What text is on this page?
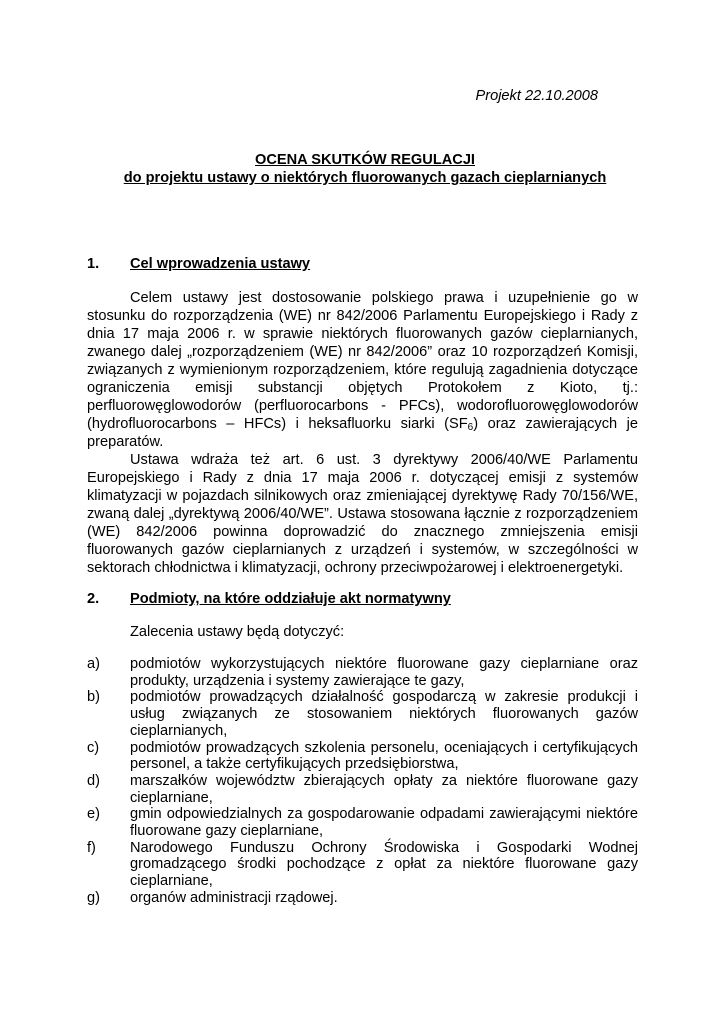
Projekt 22.10.2008
OCENA SKUTKÓW REGULACJI
do projektu ustawy o niektórych fluorowanych gazach cieplarnianych
1. Cel wprowadzenia ustawy

Celem ustawy jest dostosowanie polskiego prawa i uzupełnienie go w stosunku do rozporządzenia (WE) nr 842/2006 Parlamentu Europejskiego i Rady z dnia 17 maja 2006 r. w sprawie niektórych fluorowanych gazów cieplarnianych, zwanego dalej „rozporządzeniem (WE) nr 842/2006” oraz 10 rozporządzeń Komisji, związanych z wymienionym rozporządzeniem, które regulują zagadnienia dotyczące ograniczenia emisji substancji objętych Protokołem z Kioto, tj.: perfluorowęglowodorów (perfluorocarbons - PFCs), wodorofluorowęglowodorów (hydrofluorocarbons – HFCs) i heksafluorku siarki $(SF_6)$ oraz zawierających je preparatów.

Ustawa wdraża też art. 6 ust. 3 dyrektywy 2006/40/WE Parlamentu Europejskiego i Rady z dnia 17 maja 2006 r. dotyczącej emisji z systemów klimatyzacji w pojazdach silnikowych oraz zmieniającej dyrektywę Rady 70/156/WE, zwaną dalej „dyrektywą 2006/40/WE”. Ustawa stosowana łącznie z rozporządzeniem (WE) 842/2006 powinna doprowadzić do znacznego zmniejszenia emisji fluorowanych gazów cieplarnianych z urządzeń i systemów, w szczególności w sektorach chłodnictwa i klimatyzacji, ochrony przeciwpożarowej i elektroenergetyki.

2. Podmioty, na które oddziałuje akt normatywny
Zalecenia ustawy będą dotyczyć:
a)	podmiotów wykorzystujących niektóre fluorowane gazy cieplarniane oraz produkty, urządzenia i systemy zawierające te gazy,
b)	podmiotów prowadzących działalność gospodarczą w zakresie produkcji i usług związanych ze stosowaniem niektórych fluorowanych gazów cieplarnianych,
c)	podmiotów prowadzących szkolenia personelu, oceniających i certyfikujących personel, a także certyfikujących przedsiębiorstwa,
d)	marszałków województw zbierających opłaty za niektóre fluorowane gazy cieplarniane,
e)	gmin odpowiedzialnych za gospodarowanie odpadami zawierającymi niektóre fluorowane gazy cieplarniane,
f)	Narodowego Funduszu Ochrony Środowiska i Gospodarki Wodnej gromadzącego środki pochodzące z opłat za niektóre fluorowane gazy cieplarniane,
g)	organów administracji rządowej.
